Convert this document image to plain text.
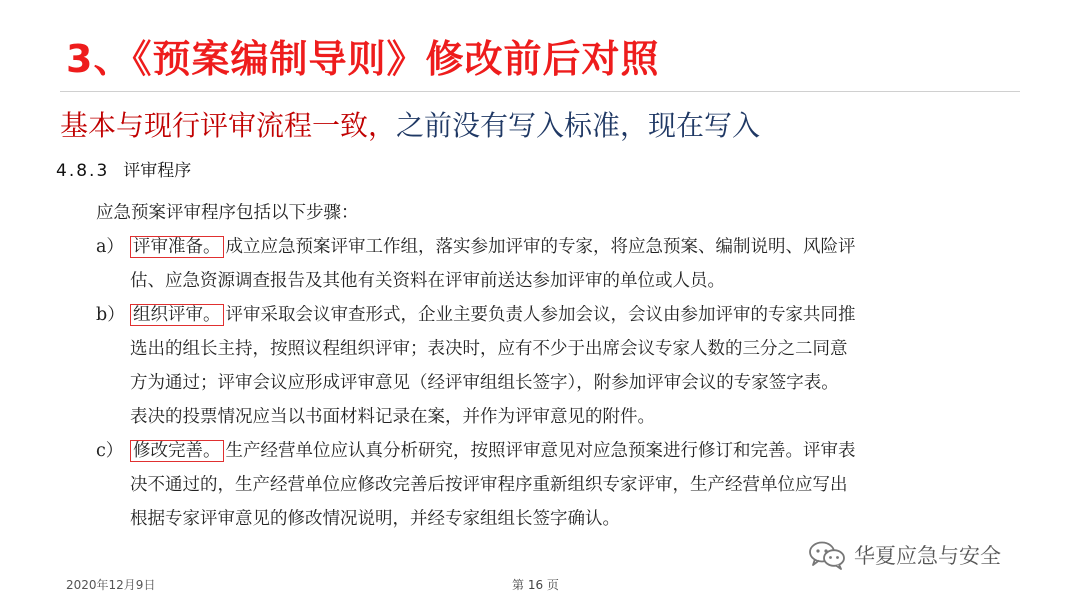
3、《预案编制导则》修改前后对照
基本与现行评审流程一致，之前没有写入标准，现在写入
4.8.3 评审程序
应急预案评审程序包括以下步骤：
a） 评审准备。 成立应急预案评审工作组，落实参加评审的专家，将应急预案、编制说明、风险评
估、应急资源调查报告及其他有关资料在评审前送达参加评审的单位或人员。
b） 组织评审。 评审采取会议审查形式，企业主要负责人参加会议，会议由参加评审的专家共同推
选出的组长主持，按照议程组织评审；表决时，应有不少于出席会议专家人数的三分之二同意
方为通过；评审会议应形成评审意见（经评审组组长签字），附参加评审会议的专家签字表。
表决的投票情况应当以书面材料记录在案，并作为评审意见的附件。
c） 修改完善。 生产经营单位应认真分析研究，按照评审意见对应急预案进行修订和完善。评审表
决不通过的，生产经营单位应修改完善后按评审程序重新组织专家评审，生产经营单位应写出
根据专家评审意见的修改情况说明，并经专家组组长签字确认。
2020年12月9日	第 16 页
华夏应急与安全
